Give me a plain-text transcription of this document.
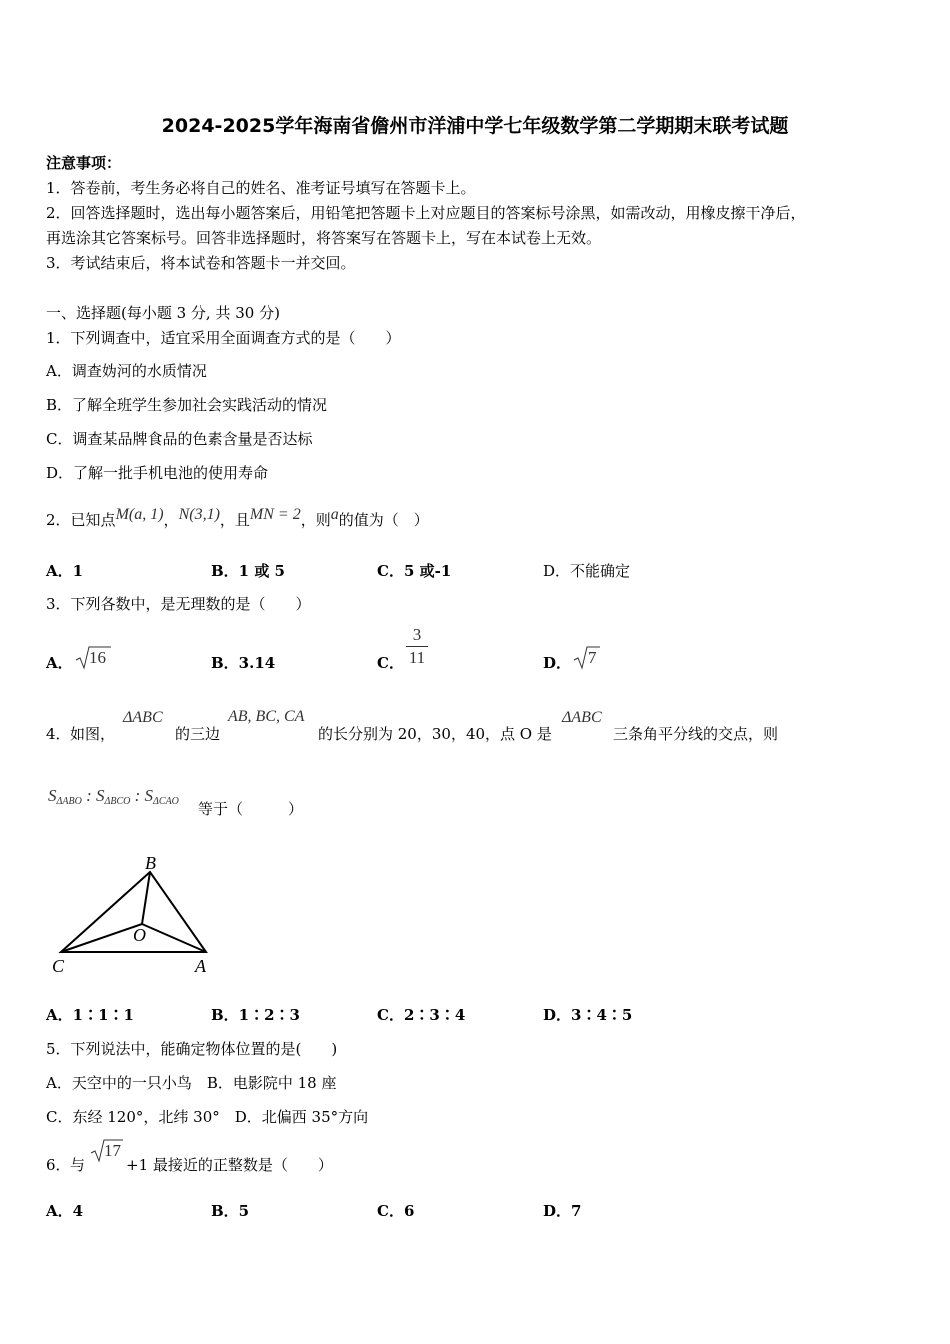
2024-2025学年海南省儋州市洋浦中学七年级数学第二学期期末联考试题
注意事项：
1．答卷前，考生务必将自己的姓名、准考证号填写在答题卡上。
2．回答选择题时，选出每小题答案后，用铅笔把答题卡上对应题目的答案标号涂黑，如需改动，用橡皮擦干净后，
再选涂其它答案标号。回答非选择题时，将答案写在答题卡上，写在本试卷上无效。
3．考试结束后，将本试卷和答题卡一并交回。
一、选择题(每小题 3 分, 共 30 分)
1．下列调查中，适宜采用全面调查方式的是（　　）
A．调查妫河的水质情况
B．了解全班学生参加社会实践活动的情况
C．调查某品牌食品的色素含量是否达标
D．了解一批手机电池的使用寿命
2．已知点M(a, 1)，N(3,1)，且MN = 2，则a的值为（　）
A．1	B．1 或 5	C．5 或-1	D．不能确定
3．下列各数中，是无理数的是（　　）
A． 16	B．3.14	C． $\frac{3}{11}$	D． 7
4． 如图，
ΔABC
的三边
AB, BC, CA
的长分别为 20，30，40，点 O 是
ΔABC
三条角平分线的交点，则
$S_{\Delta ABO}$ : $S_{\Delta BCO}$ : $S_{\Delta CAO}$ 等于（　　　）
B
O
C	A
A．1∶1∶1	B．1∶2∶3	C．2∶3∶4	D．3∶4∶5
5．下列说法中，能确定物体位置的是(　　)
A．天空中的一只小鸟　B．电影院中 18 座
C．东经 120°，北纬 30°　D．北偏西 35°方向
6． 与
17
+1 最接近的正整数是（　　）
A．4	B．5	C．6	D．7
